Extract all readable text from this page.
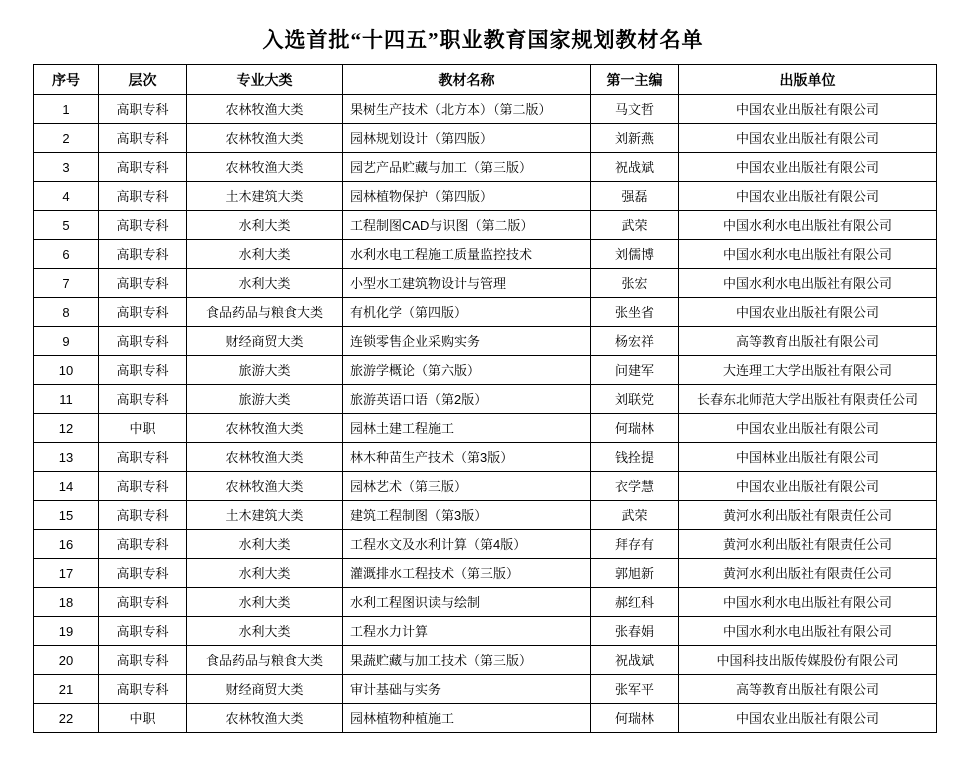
入选首批“十四五”职业教育国家规划教材名单
序号	层次	专业大类	教材名称	第一主编	出版单位
1	高职专科	农林牧渔大类	果树生产技术（北方本）（第二版）	马文哲	中国农业出版社有限公司
2	高职专科	农林牧渔大类	园林规划设计（第四版）	刘新燕	中国农业出版社有限公司
3	高职专科	农林牧渔大类	园艺产品贮藏与加工（第三版）	祝战斌	中国农业出版社有限公司
4	高职专科	土木建筑大类	园林植物保护（第四版）	强磊	中国农业出版社有限公司
5	高职专科	水利大类	工程制图CAD与识图（第二版）	武荣	中国水利水电出版社有限公司
6	高职专科	水利大类	水利水电工程施工质量监控技术	刘儒博	中国水利水电出版社有限公司
7	高职专科	水利大类	小型水工建筑物设计与管理	张宏	中国水利水电出版社有限公司
8	高职专科	食品药品与粮食大类	有机化学（第四版）	张坐省	中国农业出版社有限公司
9	高职专科	财经商贸大类	连锁零售企业采购实务	杨宏祥	高等教育出版社有限公司
10	高职专科	旅游大类	旅游学概论（第六版）	问建军	大连理工大学出版社有限公司
11	高职专科	旅游大类	旅游英语口语（第2版）	刘联党	长春东北师范大学出版社有限责任公司
12	中职	农林牧渔大类	园林土建工程施工	何瑞林	中国农业出版社有限公司
13	高职专科	农林牧渔大类	林木种苗生产技术（第3版）	钱拴提	中国林业出版社有限公司
14	高职专科	农林牧渔大类	园林艺术（第三版）	衣学慧	中国农业出版社有限公司
15	高职专科	土木建筑大类	建筑工程制图（第3版）	武荣	黄河水利出版社有限责任公司
16	高职专科	水利大类	工程水文及水利计算（第4版）	拜存有	黄河水利出版社有限责任公司
17	高职专科	水利大类	灌溉排水工程技术（第三版）	郭旭新	黄河水利出版社有限责任公司
18	高职专科	水利大类	水利工程图识读与绘制	郝红科	中国水利水电出版社有限公司
19	高职专科	水利大类	工程水力计算	张春娟	中国水利水电出版社有限公司
20	高职专科	食品药品与粮食大类	果蔬贮藏与加工技术（第三版）	祝战斌	中国科技出版传媒股份有限公司
21	高职专科	财经商贸大类	审计基础与实务	张军平	高等教育出版社有限公司
22	中职	农林牧渔大类	园林植物种植施工	何瑞林	中国农业出版社有限公司
